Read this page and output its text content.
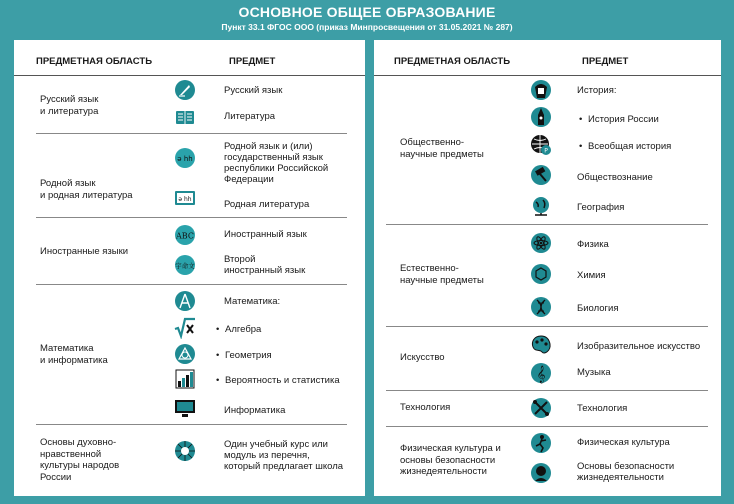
ОСНОВНОЕ ОБЩЕЕ ОБРАЗОВАНИЕ
Пункт 33.1 ФГОС ООО (приказ Минпросвещения от 31.05.2021 № 287)
ПРЕДМЕТНАЯ ОБЛАСТЬ	ПРЕДМЕТ
Русский язык
и литература
Родной язык
и родная литература
Иностранные языки
Математика
и информатика
Основы духовно-
нравственной
культуры народов
России
ə hh
ə hh
ABC
宇命文
Русский язык
Литература
Родной язык и (или)
государственный язык
республики Российской
Федерации
Родная литература
Иностранный язык
Второй
иностранный язык
Математика:
• Алгебра
• Геометрия
• Вероятность и статистика
Информатика
Один учебный курс или
модуль из перечня,
который предлагает школа
ПРЕДМЕТНАЯ ОБЛАСТЬ	ПРЕДМЕТ
Общественно-
научные предметы
Естественно-
научные предметы
Искусство
Технология
Физическая культура и
основы безопасности
жизнедеятельности
P
𝄞
История:
• История России
• Всеобщая история
Обществознание
География
Физика
Химия
Биология
Изобразительное искусство
Музыка
Технология
Физическая культура
Основы безопасности
жизнедеятельности
